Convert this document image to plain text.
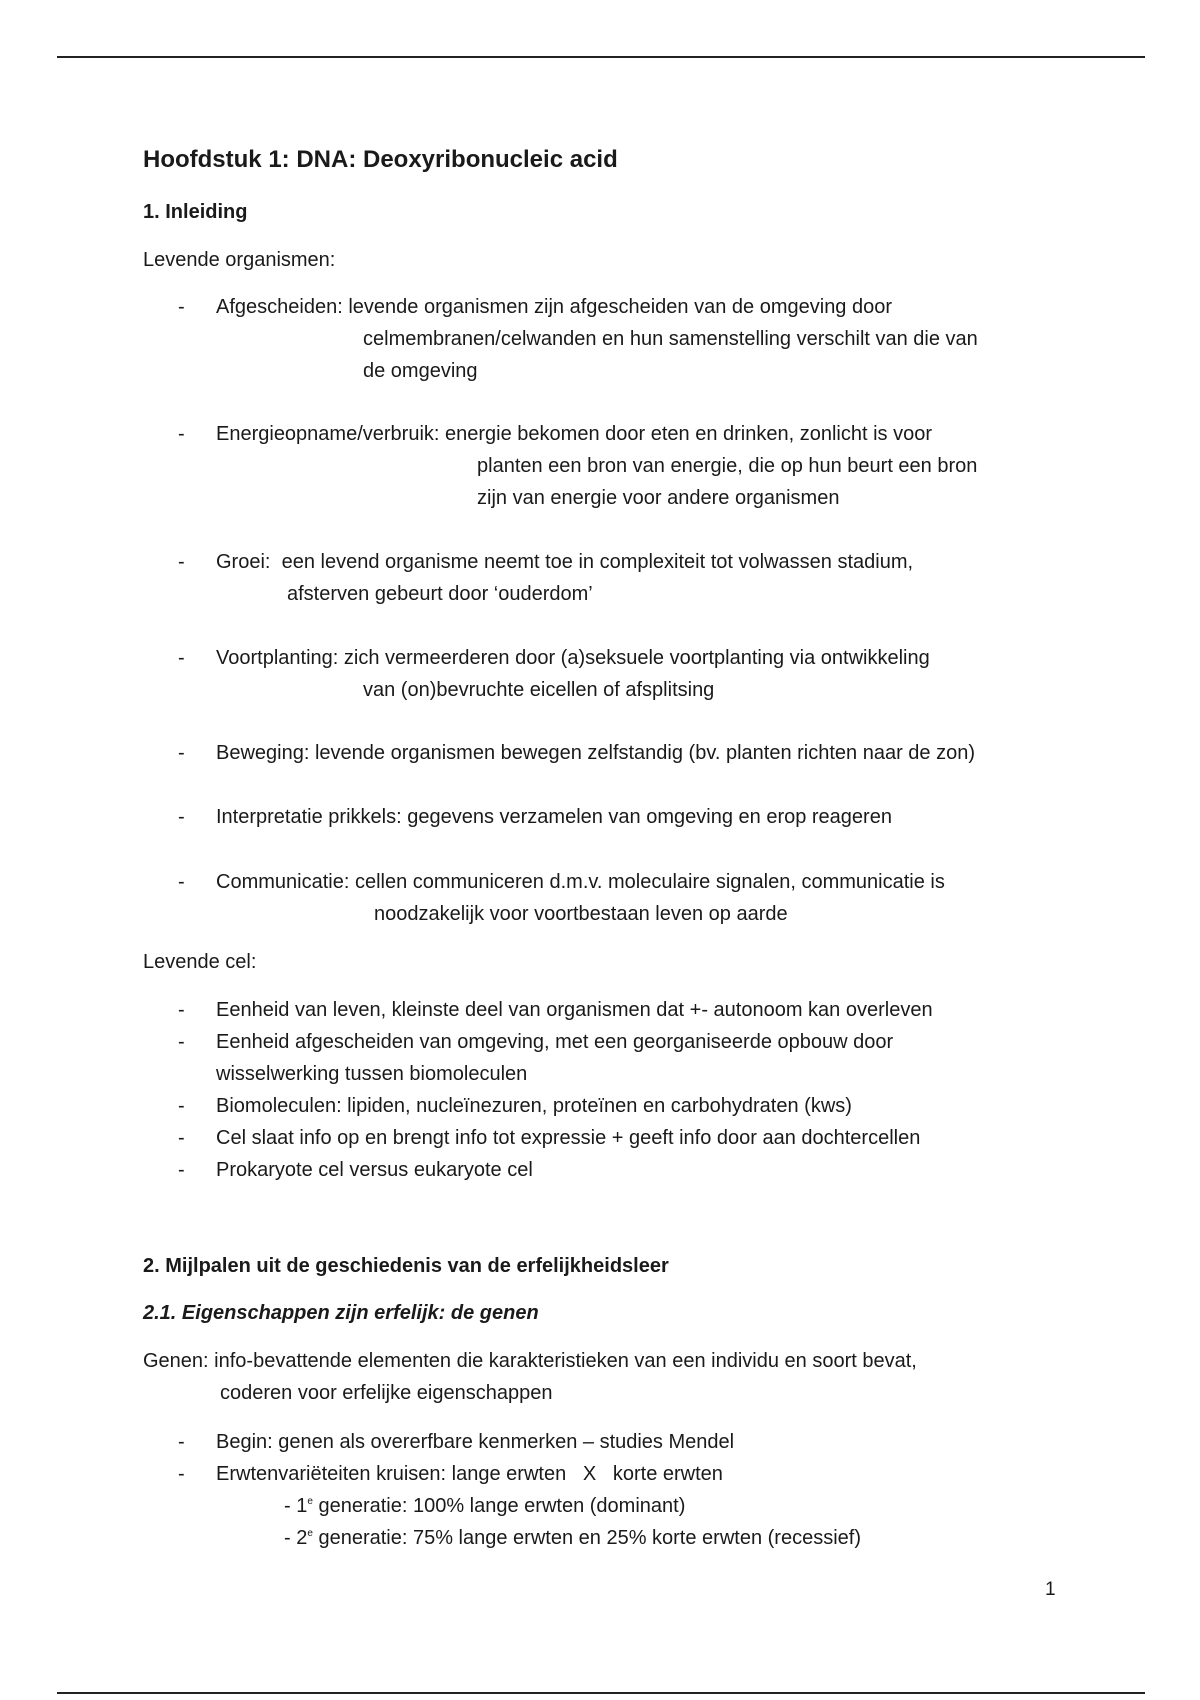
Hoofdstuk 1: DNA: Deoxyribonucleic acid
1. Inleiding
Levende organismen:
- Afgescheiden: levende organismen zijn afgescheiden van de omgeving door
celmembranen/celwanden en hun samenstelling verschilt van die van
de omgeving
- Energieopname/verbruik: energie bekomen door eten en drinken, zonlicht is voor
planten een bron van energie, die op hun beurt een bron
zijn van energie voor andere organismen
- Groei: een levend organisme neemt toe in complexiteit tot volwassen stadium,
afsterven gebeurt door ‘ouderdom’
- Voortplanting: zich vermeerderen door (a)seksuele voortplanting via ontwikkeling
van (on)bevruchte eicellen of afsplitsing
- Beweging: levende organismen bewegen zelfstandig (bv. planten richten naar de zon)
- Interpretatie prikkels: gegevens verzamelen van omgeving en erop reageren
- Communicatie: cellen communiceren d.m.v. moleculaire signalen, communicatie is
noodzakelijk voor voortbestaan leven op aarde
Levende cel:
- Eenheid van leven, kleinste deel van organismen dat +- autonoom kan overleven
- Eenheid afgescheiden van omgeving, met een georganiseerde opbouw door
wisselwerking tussen biomoleculen
- Biomoleculen: lipiden, nucleïnezuren, proteïnen en carbohydraten (kws)
- Cel slaat info op en brengt info tot expressie + geeft info door aan dochtercellen
- Prokaryote cel versus eukaryote cel
2. Mijlpalen uit de geschiedenis van de erfelijkheidsleer
2.1. Eigenschappen zijn erfelijk: de genen
Genen: info-bevattende elementen die karakteristieken van een individu en soort bevat,
coderen voor erfelijke eigenschappen
- Begin: genen als overerfbare kenmerken – studies Mendel
- Erwtenvariëteiten kruisen: lange erwten   X   korte erwten
- 1e generatie: 100% lange erwten (dominant)
- 2e generatie: 75% lange erwten en 25% korte erwten (recessief)
1
